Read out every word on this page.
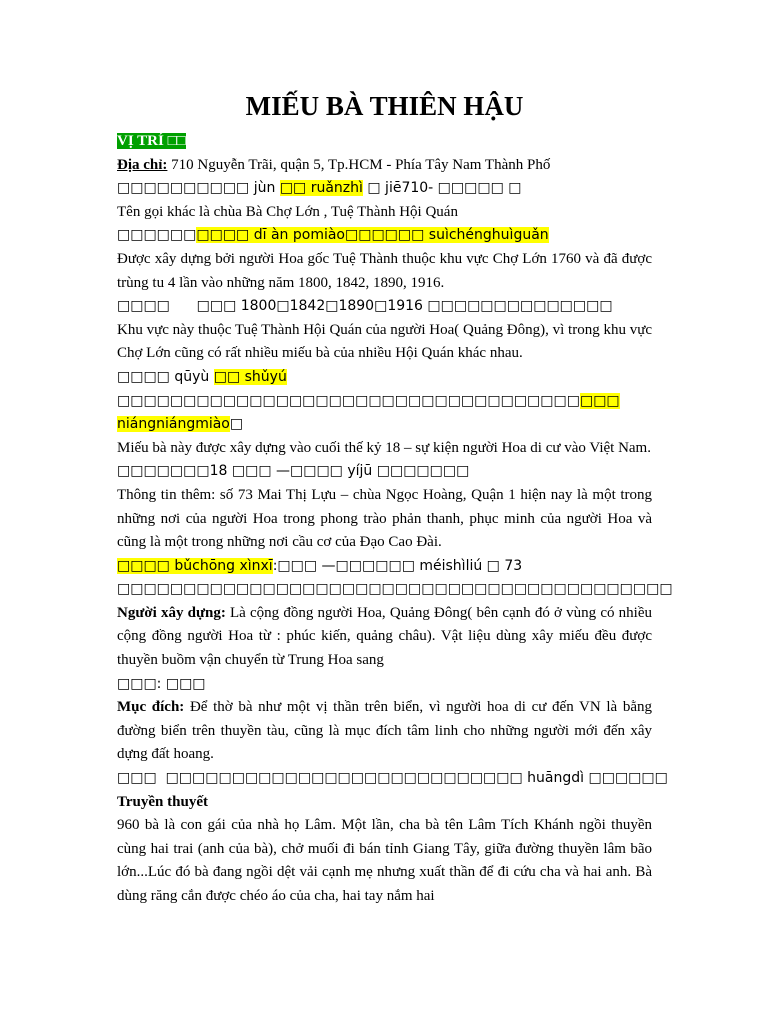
MIẾU BÀ THIÊN HẬU

VỊ TRÍ □□

Địa chỉ: 710 Nguyễn Trãi, quận 5, Tp.HCM - Phía Tây Nam Thành Phố

□□□□□□□□□□ jùn □□ ruǎnzhì □ jiē710- □□□□□ □

Tên gọi khác là chùa Bà Chợ Lớn , Tuệ Thành Hội Quán

□□□□□□□□□□ dī àn pomiào□□□□□□ suìchénghuìguǎn

Được xây dựng bởi người Hoa gốc Tuệ Thành thuộc khu vực Chợ Lớn 1760 và đã được trùng tu 4 lần vào những năm 1800, 1842, 1890, 1916.

□□□□      □□□ 1800□1842□1890□1916 □□□□□□□□□□□□□□

Khu vực này thuộc Tuệ Thành Hội Quán của người Hoa( Quảng Đông), vì trong khu vực Chợ Lớn cũng có rất nhiều miếu bà của nhiều Hội Quán khác nhau.

□□□□ qūyù □□ shǔyú □□□□□□□□□□□□□□□□□□□□□□□□□□□□□□□□□□□□□□ niángniángmiào□

Miếu bà này được xây dựng vào cuối thế kỷ 18 – sự kiện người Hoa di cư vào Việt Nam.

□□□□□□□18 □□□ —□□□□ yíjū □□□□□□□

Thông tin thêm: số 73 Mai Thị Lựu – chùa Ngọc Hoàng, Quận 1 hiện nay là một trong những nơi của người Hoa trong phong trào phản thanh, phục minh của người Hoa và cũng là một trong những nơi cầu cơ của Đạo Cao Đài.

□□□□ bǔchōng xìnxī:□□□ —□□□□□□ méishìliú □ 73 □□□□□□□□□□□□□□□□□□□□□□□□□□□□□□□□□□□□□□□□□□

Người xây dựng: Là cộng đồng người Hoa, Quảng Đông( bên cạnh đó ở vùng có nhiều cộng đồng người Hoa từ : phúc kiến, quảng châu). Vật liệu dùng xây miếu đều được thuyền buồm vận chuyển từ Trung Hoa sang

□□□: □□□

Mục đích: Để thờ bà như một vị thần trên biển, vì người hoa di cư đến VN là bằng đường biển trên thuyền tàu, cũng là mục đích tâm linh cho những người mới đến xây dựng đất hoang.

□□□  □□□□□□□□□□□□□□□□□□□□□□□□□□□ huāngdì □□□□□□

Truyền thuyết

960 bà là con gái của nhà họ Lâm. Một lần, cha bà tên Lâm Tích Khánh ngồi thuyền cùng hai trai (anh của bà), chở muối đi bán tỉnh Giang Tây, giữa đường thuyền lâm bão lớn...Lúc đó bà đang ngồi dệt vải cạnh mẹ nhưng xuất thần để đi cứu cha và hai anh. Bà dùng răng cắn được chéo áo của cha, hai tay nắm hai
